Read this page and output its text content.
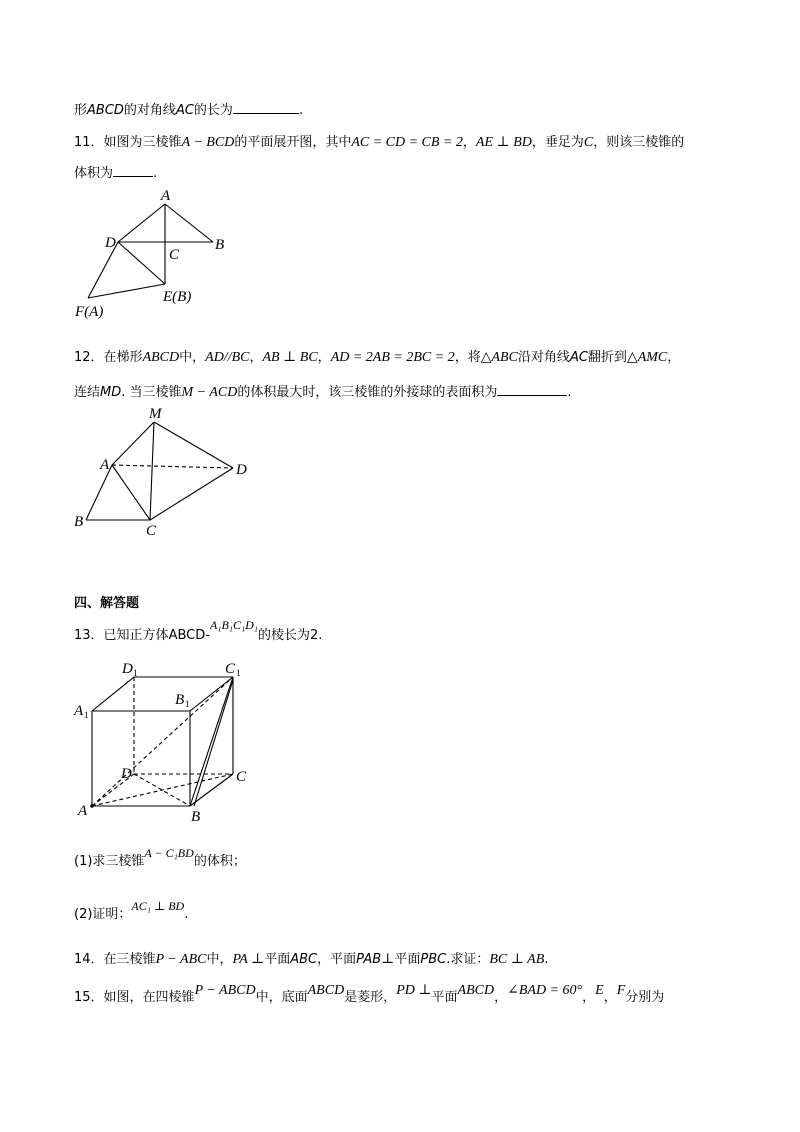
形ABCD的对角线AC的长为	.
11．如图为三棱锥A − BCD的平面展开图，其中AC = CD = CB = 2，AE ⊥ BD，垂足为C，则该三棱锥的
体积为	.
A
B
C
D
E(B)
F(A)
12．在梯形ABCD中，AD//BC，AB ⊥ BC，AD = 2AB = 2BC = 2，将△ABC沿对角线AC翻折到△AMC，
连结MD. 当三棱锥M − ACD的体积最大时，该三棱锥的外接球的表面积为	.
M
A	D
B
C
四、解答题
13．已知正方体ABCD-A₁B₁C₁D₁的棱长为2.
D 1	C 1
B 1
A 1
D	C
A	B
(1)求三棱锥A − C₁BD的体积；
(2)证明：AC₁ ⊥ BD.
14．在三棱锥P − ABC中，PA ⊥平面ABC，平面PAB⊥平面PBC.求证：BC ⊥ AB.
15．如图，在四棱锥P − ABCD中，底面ABCD是菱形，PD ⊥平面ABCD，∠BAD = 60°，E，F分别为
